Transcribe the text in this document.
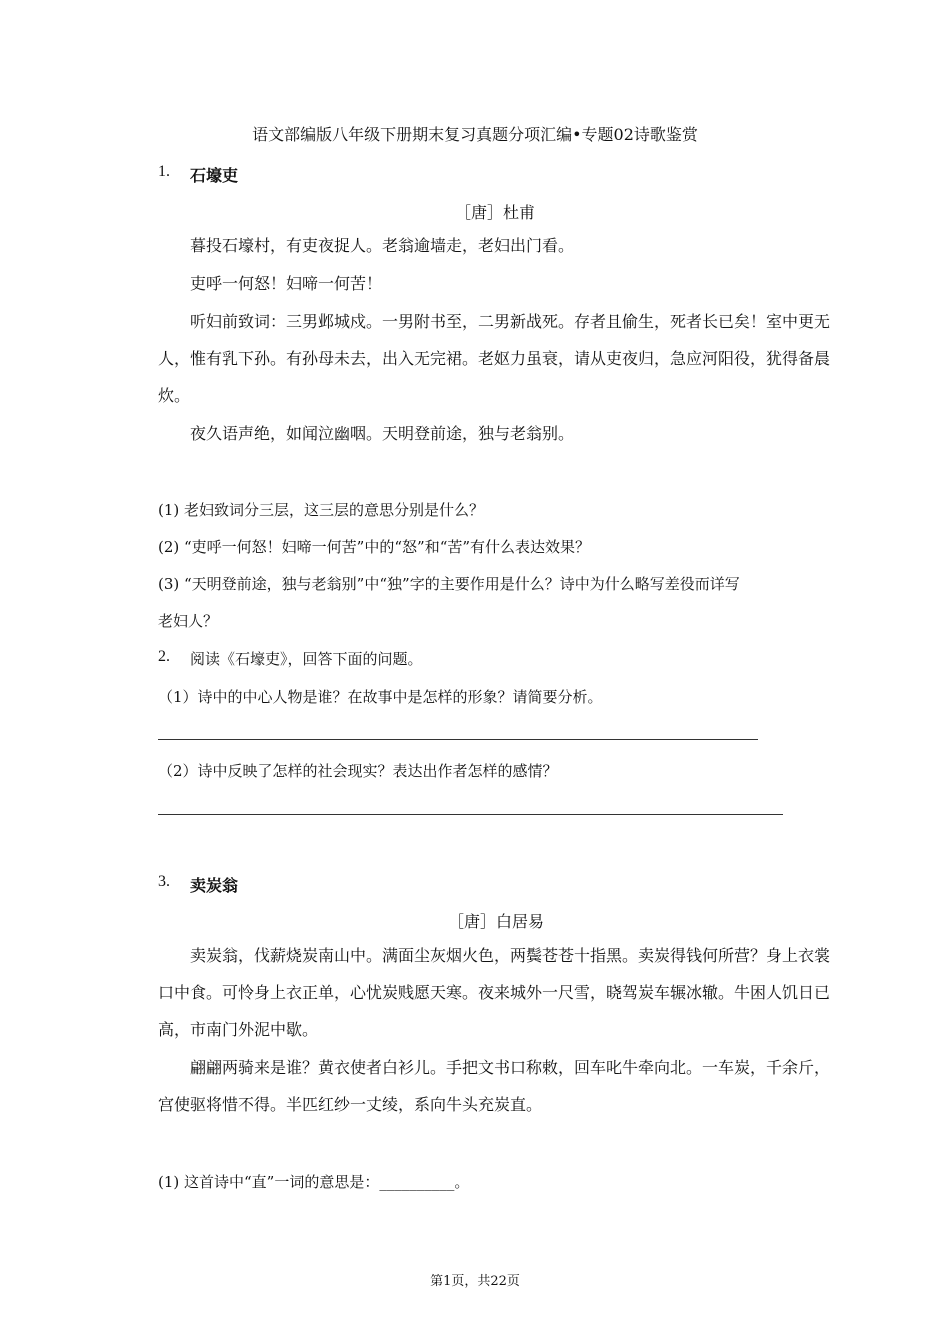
语文部编版八年级下册期末复习真题分项汇编•专题02诗歌鉴赏
1. 石壕吏
［唐］杜甫
暮投石壕村，有吏夜捉人。老翁逾墙走，老妇出门看。
吏呼一何怒！妇啼一何苦！
听妇前致词：三男邺城戍。一男附书至，二男新战死。存者且偷生，死者长已矣！室中更无人，惟有乳下孙。有孙母未去，出入无完裙。老妪力虽衰，请从吏夜归，急应河阳役，犹得备晨炊。
夜久语声绝，如闻泣幽咽。天明登前途，独与老翁别。
(1) 老妇致词分三层，这三层的意思分别是什么？
(2) “吏呼一何怒！妇啼一何苦”中的“怒”和“苦”有什么表达效果？
(3) “天明登前途，独与老翁别”中“独”字的主要作用是什么？诗中为什么略写差役而详写
老妇人？
2. 阅读《石壕吏》，回答下面的问题。
（1）诗中的中心人物是谁？在故事中是怎样的形象？请简要分析。
（2）诗中反映了怎样的社会现实？表达出作者怎样的感情？
3. 卖炭翁
［唐］白居易
卖炭翁，伐薪烧炭南山中。满面尘灰烟火色，两鬓苍苍十指黑。卖炭得钱何所营？身上衣裳口中食。可怜身上衣正单，心忧炭贱愿天寒。夜来城外一尺雪，晓驾炭车辗冰辙。牛困人饥日已高，市南门外泥中歇。
翩翩两骑来是谁？黄衣使者白衫儿。手把文书口称敕，回车叱牛牵向北。一车炭，千余斤，宫使驱将惜不得。半匹红纱一丈绫，系向牛头充炭直。
(1) 这首诗中“直”一词的意思是：__________。
第1页，共22页
